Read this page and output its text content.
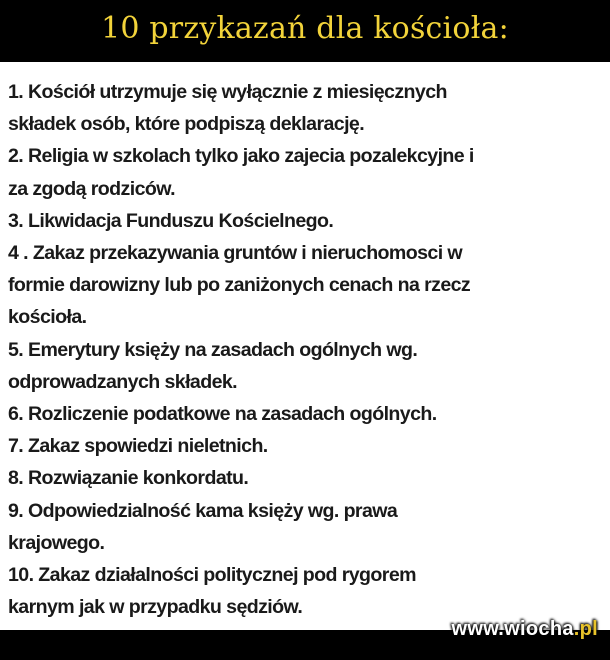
10 przykazań dla kościoła:
1. Kościół utrzymuje się wyłącznie z miesięcznych
składek osób, które podpiszą deklarację.
2. Religia w szkolach tylko jako zajecia pozalekcyjne i
za zgodą rodziców.
3. Likwidacja Funduszu Kościelnego.
4 . Zakaz przekazywania gruntów i nieruchomosci w
formie darowizny lub po zaniżonych cenach na rzecz
kościoła.
5. Emerytury księży na zasadach ogólnych wg.
odprowadzanych składek.
6. Rozliczenie podatkowe na zasadach ogólnych.
7. Zakaz spowiedzi nieletnich.
8. Rozwiązanie konkordatu.
9. Odpowiedzialność kama księży wg. prawa
krajowego.
10. Zakaz działalności politycznej pod rygorem
karnym jak w przypadku sędziów.
www.wiocha.pl
